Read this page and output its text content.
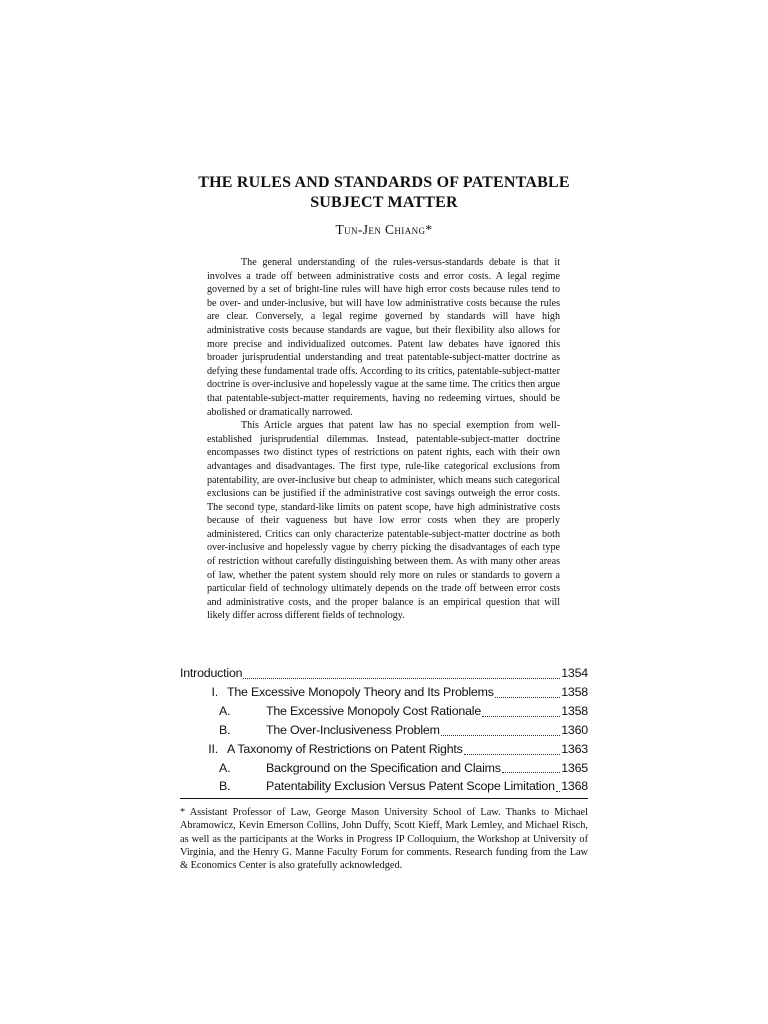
THE RULES AND STANDARDS OF PATENTABLE
SUBJECT MATTER
Tun-Jen Chiang*

The general understanding of the rules-versus-standards debate is that it involves a trade off between administrative costs and error costs. A legal regime governed by a set of bright-line rules will have high error costs because rules tend to be over- and under-inclusive, but will have low administrative costs because the rules are clear. Conversely, a legal regime governed by standards will have high administrative costs because standards are vague, but their flexibility also allows for more precise and individualized outcomes. Patent law debates have ignored this broader jurisprudential understanding and treat patentable-subject-matter doctrine as defying these fundamental trade offs. According to its critics, patentable-subject-matter doctrine is over-inclusive and hopelessly vague at the same time. The critics then argue that patentable-subject-matter requirements, having no redeeming virtues, should be abolished or dramatically narrowed.

This Article argues that patent law has no special exemption from well-established jurisprudential dilemmas. Instead, patentable-subject-matter doctrine encompasses two distinct types of restrictions on patent rights, each with their own advantages and disadvantages. The first type, rule-like categorical exclusions from patentability, are over-inclusive but cheap to administer, which means such categorical exclusions can be justified if the administrative cost savings outweigh the error costs. The second type, standard-like limits on patent scope, have high administrative costs because of their vagueness but have low error costs when they are properly administered. Critics can only characterize patentable-subject-matter doctrine as both over-inclusive and hopelessly vague by cherry picking the disadvantages of each type of restriction without carefully distinguishing between them. As with many other areas of law, whether the patent system should rely more on rules or standards to govern a particular field of technology ultimately depends on the trade off between error costs and administrative costs, and the proper balance is an empirical question that will likely differ across different fields of technology.

Introduction	1354
I. The Excessive Monopoly Theory and Its Problems	1358
A.	The Excessive Monopoly Cost Rationale	1358
B.	The Over-Inclusiveness Problem	1360
II. A Taxonomy of Restrictions on Patent Rights	1363
A.	Background on the Specification and Claims	1365
B.	Patentability Exclusion Versus Patent Scope Limitation 1368

* Assistant Professor of Law, George Mason University School of Law. Thanks to Michael Abramowicz, Kevin Emerson Collins, John Duffy, Scott Kieff, Mark Lemley, and Michael Risch, as well as the participants at the Works in Progress IP Colloquium, the Workshop at University of Virginia, and the Henry G. Manne Faculty Forum for comments. Research funding from the Law & Economics Center is also gratefully acknowledged.
